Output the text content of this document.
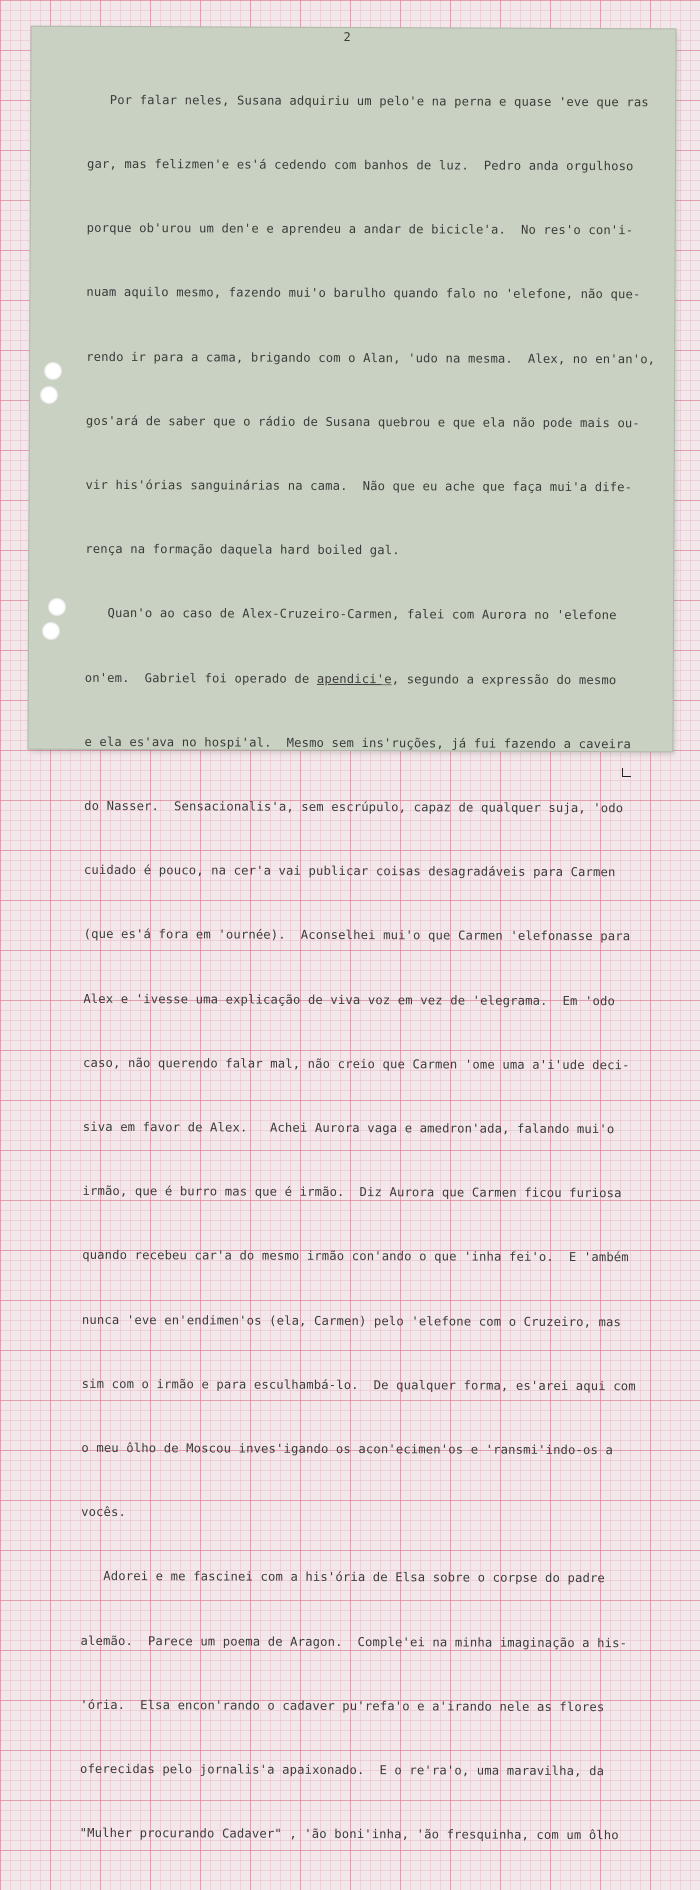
2

Por falar neles, Susana adquiriu um pelo'e na perna e quase 'eve que ras

gar, mas felizmen'e es'á cedendo com banhos de luz.  Pedro anda orgulhoso

porque ob'urou um den'e e aprendeu a andar de bicicle'a.  No res'o con'i-

nuam aquilo mesmo, fazendo mui'o barulho quando falo no 'elefone, não que-

rendo ir para a cama, brigando com o Alan, 'udo na mesma.  Alex, no en'an'o,

gos'ará de saber que o rádio de Susana quebrou e que ela não pode mais ou-

vir his'órias sanguinárias na cama.  Não que eu ache que faça mui'a dife-

rença na formação daquela hard boiled gal.

Quan'o ao caso de Alex-Cruzeiro-Carmen, falei com Aurora no 'elefone

on'em.  Gabriel foi operado de apendici'e, segundo a expressão do mesmo

e ela es'ava no hospi'al.  Mesmo sem ins'ruções, já fui fazendo a caveira

do Nasser.  Sensacionalis'a, sem escrúpulo, capaz de qualquer suja, 'odo

cuidado é pouco, na cer'a vai publicar coisas desagradáveis para Carmen

(que es'á fora em 'ournée).  Aconselhei mui'o que Carmen 'elefonasse para

Alex e 'ivesse uma explicação de viva voz em vez de 'elegrama.  Em 'odo

caso, não querendo falar mal, não creio que Carmen 'ome uma a'i'ude deci-

siva em favor de Alex.   Achei Aurora vaga e amedron'ada, falando mui'o

irmão, que é burro mas que é irmão.  Diz Aurora que Carmen ficou furiosa

quando recebeu car'a do mesmo irmão con'ando o que 'inha fei'o.  E 'ambém

nunca 'eve en'endimen'os (ela, Carmen) pelo 'elefone com o Cruzeiro, mas

sim com o irmão e para esculhambá-lo.  De qualquer forma, es'arei aqui com

o meu ôlho de Moscou inves'igando os acon'ecimen'os e 'ransmi'indo-os a

vocês.

Adorei e me fascinei com a his'ória de Elsa sobre o corpse do padre

alemão.  Parece um poema de Aragon.  Comple'ei na minha imaginação a his-

'ória.  Elsa encon'rando o cadaver pu'refa'o e a'irando nele as flores

oferecidas pelo jornalis'a apaixonado.  E o re'ra'o, uma maravilha, da

"Mulher procurando Cadaver" , 'ão boni'inha, 'ão fresquinha, com um ôlho
